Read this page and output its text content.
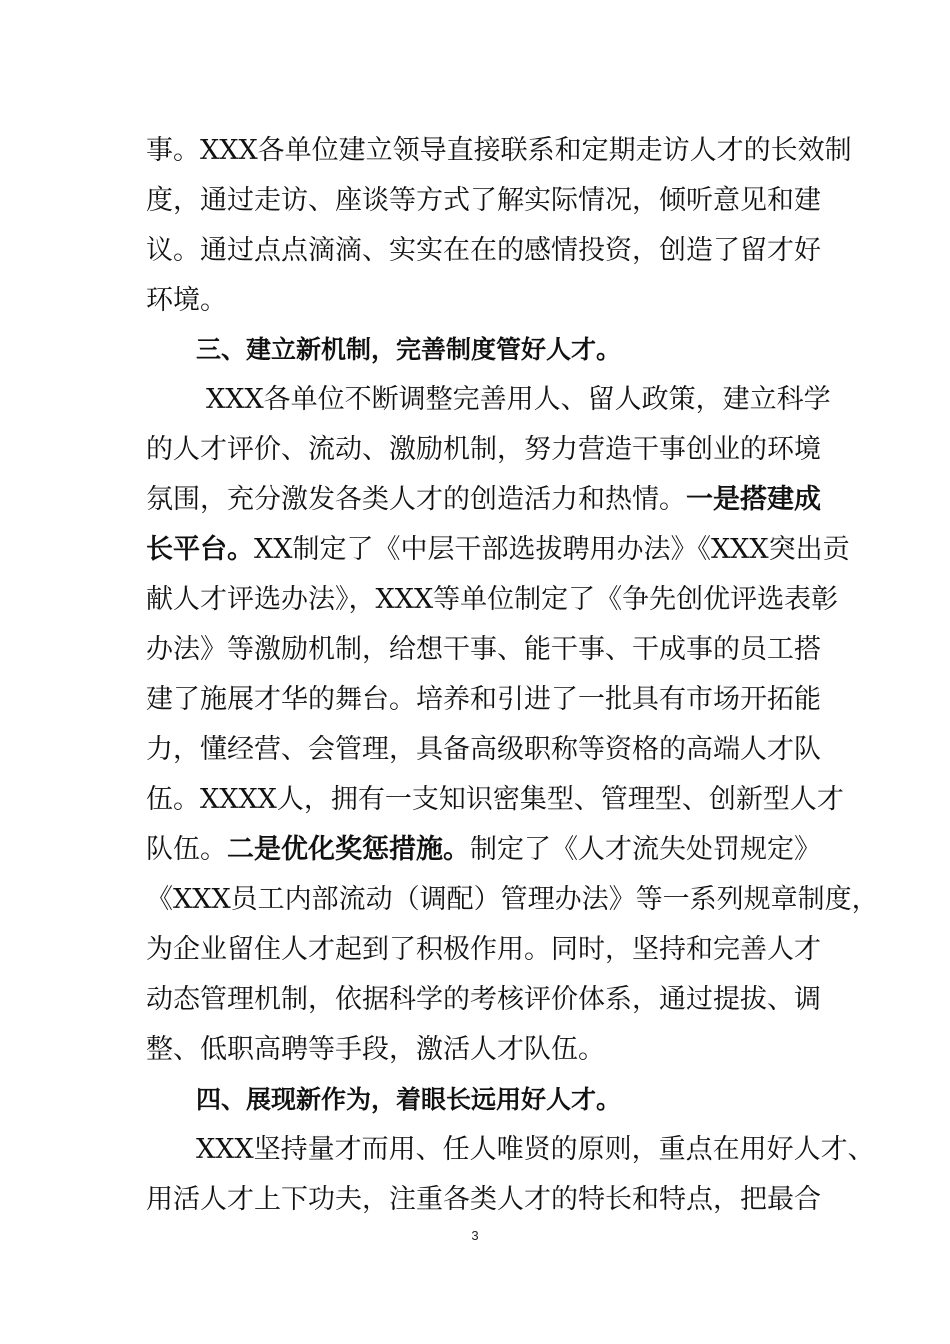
事。XXX各单位建立领导直接联系和定期走访人才的长效制
度，通过走访、座谈等方式了解实际情况，倾听意见和建
议。通过点点滴滴、实实在在的感情投资，创造了留才好
环境。
三、建立新机制，完善制度管好人才。
XXX各单位不断调整完善用人、留人政策，建立科学
的人才评价、流动、激励机制，努力营造干事创业的环境
氛围，充分激发各类人才的创造活力和热情。一是搭建成
长平台。XX制定了《中层干部选拔聘用办法》《XXX突出贡
献人才评选办法》，XXX等单位制定了《争先创优评选表彰
办法》等激励机制，给想干事、能干事、干成事的员工搭
建了施展才华的舞台。培养和引进了一批具有市场开拓能
力，懂经营、会管理，具备高级职称等资格的高端人才队
伍。XXXX人，拥有一支知识密集型、管理型、创新型人才
队伍。二是优化奖惩措施。制定了《人才流失处罚规定》
《XXX员工内部流动（调配）管理办法》等一系列规章制度，
为企业留住人才起到了积极作用。同时，坚持和完善人才
动态管理机制，依据科学的考核评价体系，通过提拔、调
整、低职高聘等手段，激活人才队伍。
四、展现新作为，着眼长远用好人才。
XXX坚持量才而用、任人唯贤的原则，重点在用好人才、
用活人才上下功夫，注重各类人才的特长和特点，把最合
3
